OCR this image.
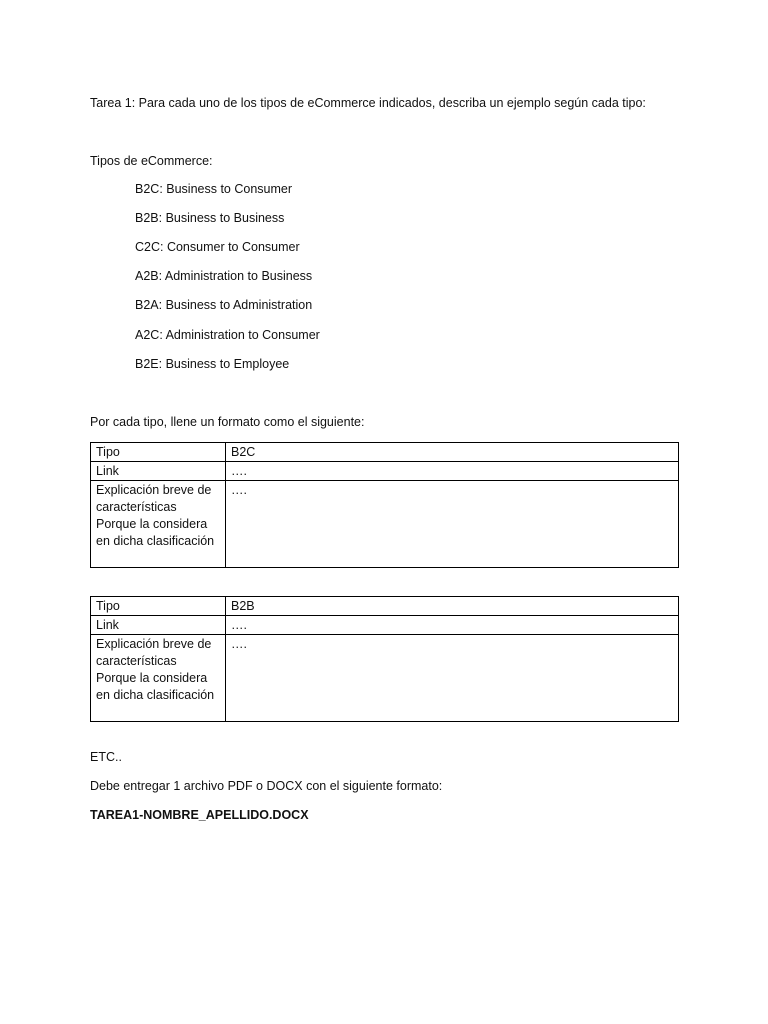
Tarea 1: Para cada uno de los tipos de eCommerce indicados, describa un ejemplo según cada tipo:
Tipos de eCommerce:
B2C: Business to Consumer
B2B: Business to Business
C2C: Consumer to Consumer
A2B: Administration to Business
B2A: Business to Administration
A2C: Administration to Consumer
B2E: Business to Employee
Por cada tipo, llene un formato como el siguiente:
Tipo	B2C
Link	….

Explicación breve de
características
Porque la considera
en dicha clasificación	….
Tipo	B2B
Link	….

Explicación breve de
características
Porque la considera
en dicha clasificación	….
ETC..
Debe entregar 1 archivo PDF o DOCX con el siguiente formato:
TAREA1-NOMBRE_APELLIDO.DOCX
